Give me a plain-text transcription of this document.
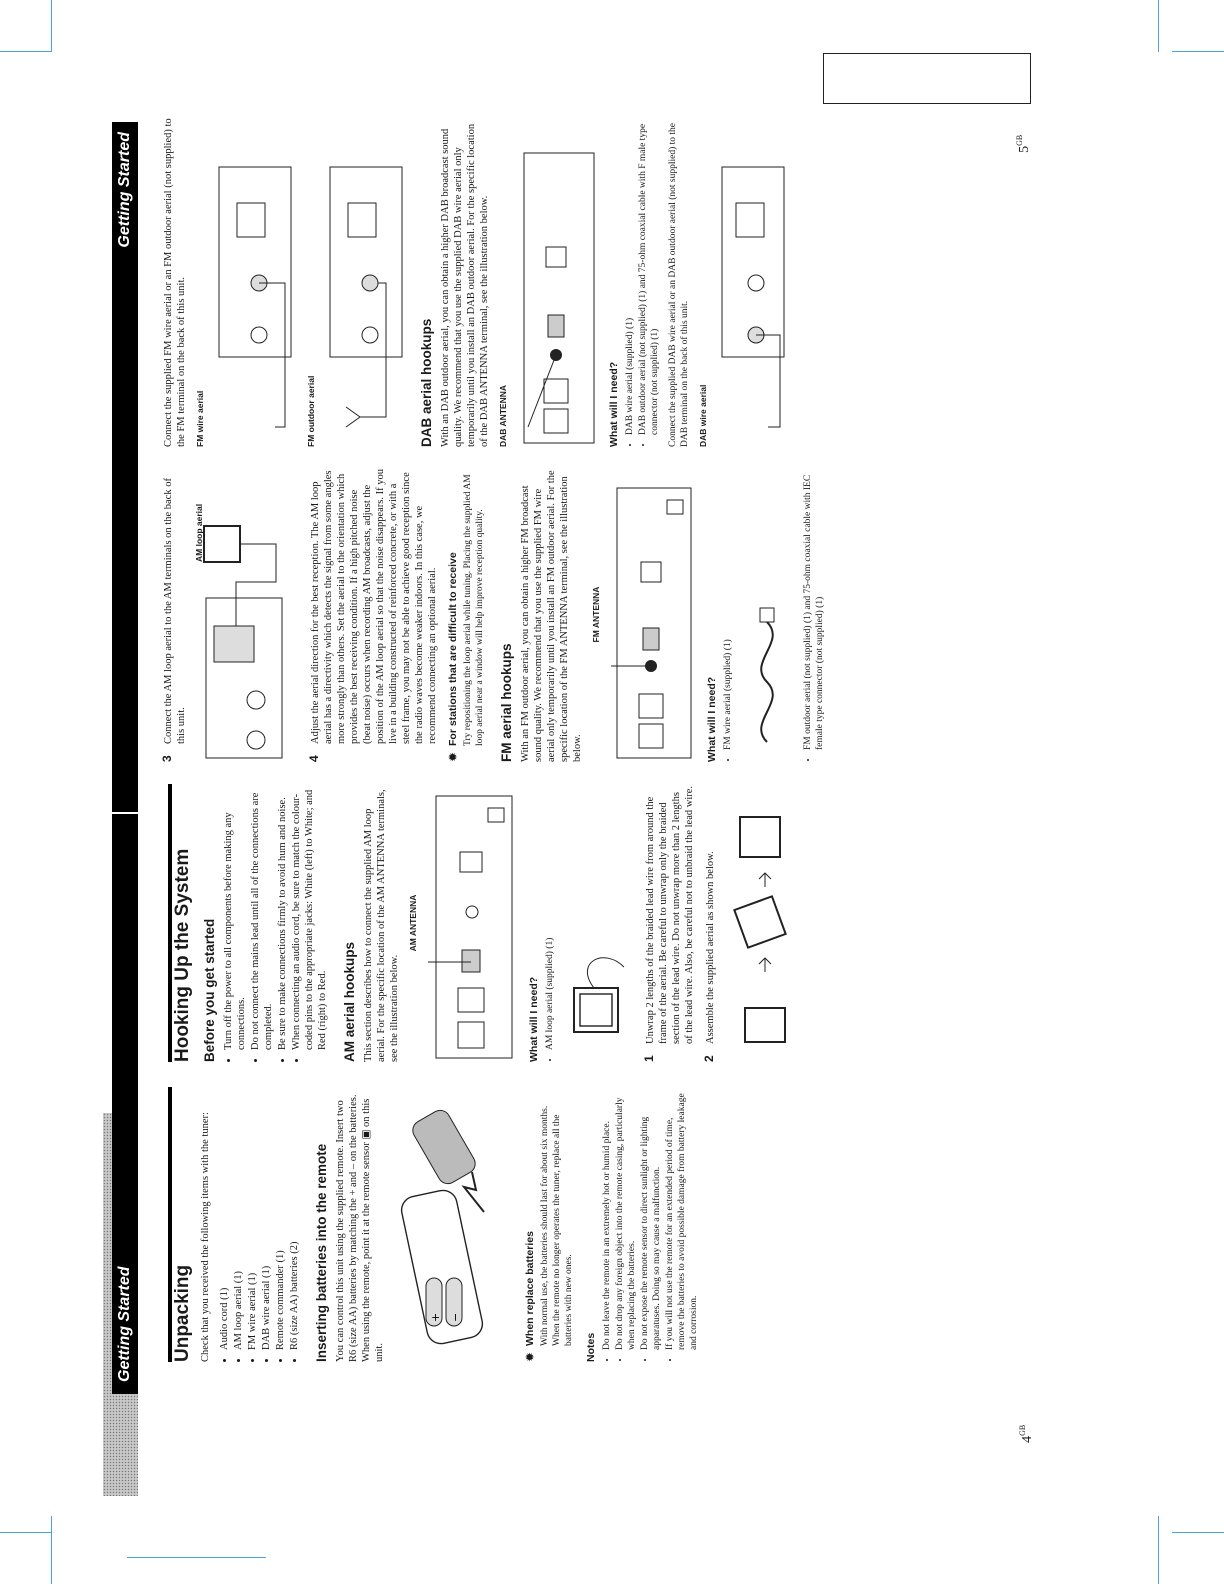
$5^{GB}$
$4^{GB}$
Getting Started
Getting Started
Unpacking Check that you received the following items with the tuner: • Audio cord (1) • AM loop aerial (1) • FM wire aerial (1) • DAB wire aerial (1) • Remote commander (1) • R6 (size AA) batteries (2) Inserting batteries into the remote You can control this unit using the supplied remote. Insert two R6 (size AA) batteries by matching the + and – on the batteries. When using the remote, point it at the remote sensor ▣ on this unit.

+ −
✹
When replace batteries With normal use, the batteries should last for about six months. When the remote no longer operates the tuner, replace all the batteries with new ones.

Notes • Do not leave the remote in an extremely hot or humid place. • Do not drop any foreign object into the remote casing, particularly when replacing the batteries. • Do not expose the remote sensor to direct sunlight or lighting apparatuses. Doing so may cause a malfunction. • If you will not use the remote for an extended period of time, remove the batteries to avoid possible damage from battery leakage and corrosion.
Hooking Up the System Before you get started • Turn off the power to all components before making any connections. • Do not connect the mains lead until all of the connections are completed. • Be sure to make connections firmly to avoid hum and noise. • When connecting an audio cord, be sure to match the colour-coded pins to the appropriate jacks: White (left) to White; and Red (right) to Red. AM aerial hookups This section describes how to connect the supplied AM loop aerial. For the specific location of the AM ANTENNA terminals, see the illustration below.

AM ANTENNA
What will I need? • AM loop aerial (supplied) (1)
1
Unwrap 2 lengths of the braided lead wire from around the frame of the aerial. Be careful to unwrap only the braided section of the lead wire. Do not unwrap more than 2 lengths of the lead wire. Also, be careful not to unbraid the lead wire.
2
Assemble the supplied aerial as shown below.
3
Connect the AM loop aerial to the AM terminals on the back of this unit.
AM loop aerial
4
Adjust the aerial direction for the best reception. The AM loop aerial has a directivity which detects the signal from some angles more strongly than others. Set the aerial to the orientation which provides the best receiving condition. If a high pitched noise (beat noise) occurs when recording AM broadcasts, adjust the position of the AM loop aerial so that the noise disappears. If you live in a building constructed of reinforced concrete, or with a steel frame, you may not be able to achieve good reception since the radio waves become weaker indoors. In this case, we recommend connecting an optional aerial.
✹
For stations that are difficult to receive Try repositioning the loop aerial while tuning. Placing the supplied AM loop aerial near a window will help improve reception quality. FM aerial hookups With an FM outdoor aerial, you can obtain a higher FM broadcast sound quality. We recommend that you use the supplied FM wire aerial only temporarily until you install an FM outdoor aerial. For the specific location of the FM ANTENNA terminal, see the illustration below.

FM ANTENNA
What will I need? • FM wire aerial (supplied) (1)	• FM outdoor aerial (not supplied) (1) and 75-ohm coaxial cable with IEC female type connector (not supplied) (1)

Connect the supplied FM wire aerial or an FM outdoor aerial (not supplied) to the FM terminal on the back of this unit. FM wire aerial	FM outdoor aerial	DAB aerial hookups With an DAB outdoor aerial, you can obtain a higher DAB broadcast sound quality. We recommend that you use the supplied DAB wire aerial only temporarily until you install an DAB outdoor aerial. For the specific location of the DAB ANTENNA terminal, see the illustration below. DAB ANTENNA	What will I need? • DAB wire aerial (supplied) (1) • DAB outdoor aerial (not supplied) (1) and 75-ohm coaxial cable with F male type connector (not supplied) (1) Connect the supplied DAB wire aerial or an DAB outdoor aerial (not supplied) to the DAB terminal on the back of this unit. DAB wire aerial
